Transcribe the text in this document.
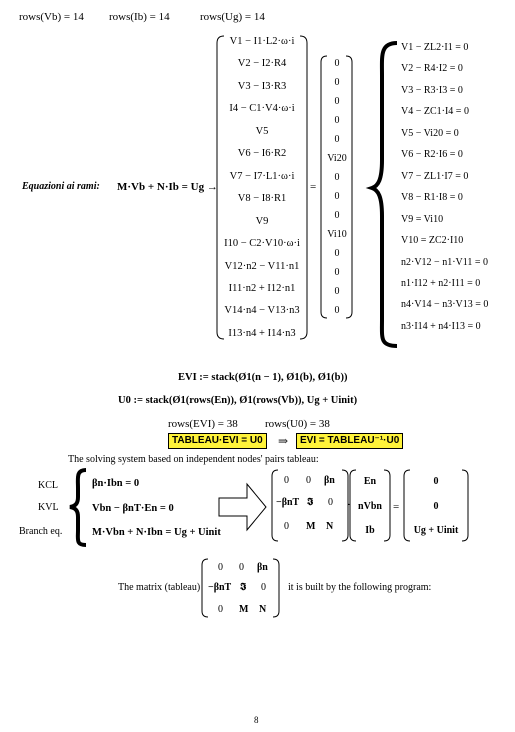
rows(Vb) = 14 rows(Ib) = 14	rows(Ug) = 14
Equazioni ai rami: M·Vb + N·Ib = Ug →
V1 − I1·L2·ω·i
V2 − I2·R4
V3 − I3·R3
I4 − C1·V4·ω·i
V5
V6 − I6·R2
V7 − I7·L1·ω·i
V8 − I8·R1
V9
I10 − C2·V10·ω·i
V12·n2 − V11·n1
I11·n2 + I12·n1
V14·n4 − V13·n3
I13·n4 + I14·n3
=
0
0
0
0
0
Vi20
0
0
0
Vi10
0
0
0
0
V1 − ZL2·I1 = 0
V2 − R4·I2 = 0
V3 − R3·I3 = 0
V4 − ZC1·I4 = 0
V5 − Vi20 = 0
V6 − R2·I6 = 0
V7 − ZL1·I7 = 0
V8 − R1·I8 = 0
V9 = Vi10
V10 = ZC2·I10
n2·V12 − n1·V11 = 0
n1·I12 + n2·I11 = 0
n4·V14 − n3·V13 = 0
n3·I14 + n4·I13 = 0
EVI := stack(Ø1(n − 1), Ø1(b), Ø1(b))
U0 := stack(Ø1(rows(En)), Ø1(rows(Vb)), Ug + Uinit)
rows(EVI) = 38 rows(U0) = 38
TABLEAU·EVI = U0	⇒	EVI = TABLEAU⁻¹·U0
The solving system based on independent nodes' pairs tableau:
KCL
KVL
Branch eq.
βn·Ibn = 0
Vbn − βnT·En = 0
M·Vbn + N·Ibn = Ug + Uinit
0 0 βn
−βnT 𝕴 0
0 M N
·
En
nVbn
Ib
=
0
0
Ug + Uinit
The matrix (tableau)
0 0 βn
−βnT 𝕴 0
0 M N
it is built by the following program:
8
